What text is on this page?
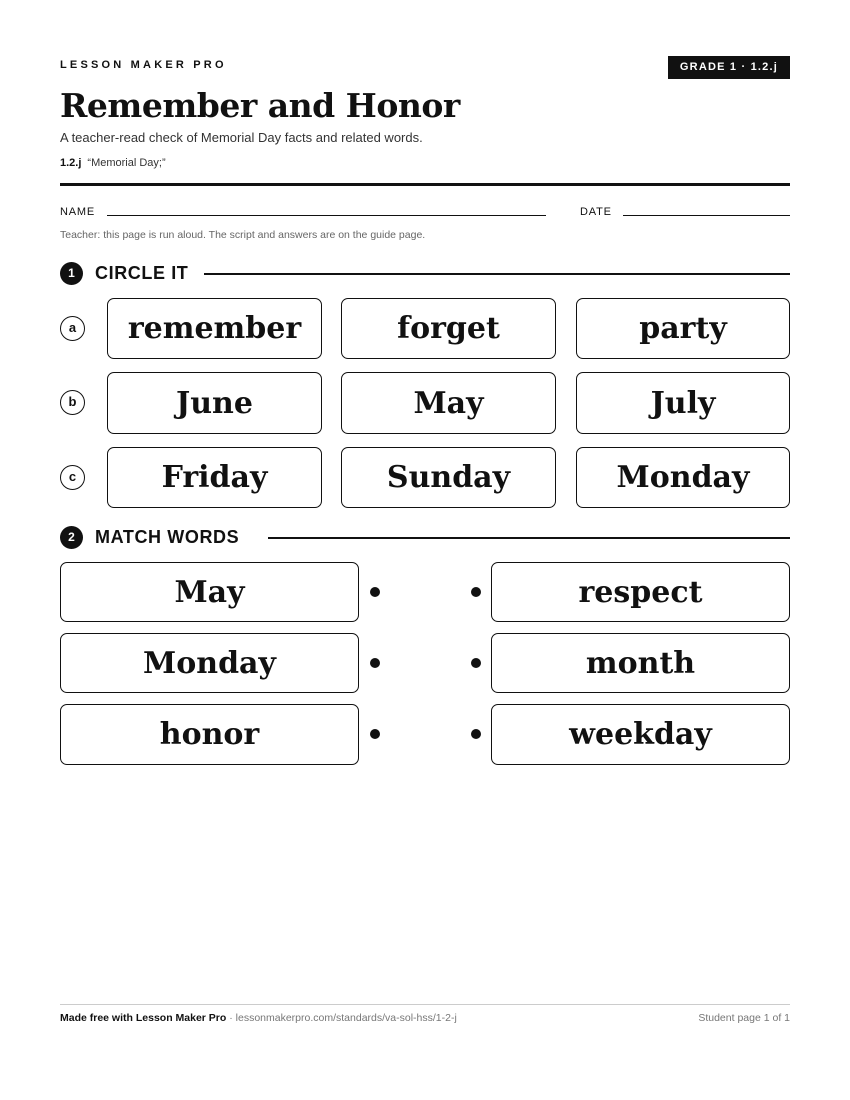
LESSON MAKER PRO	GRADE 1 · 1.2.j
Remember and Honor
A teacher-read check of Memorial Day facts and related words.
1.2.j “Memorial Day;”
NAME	DATE
Teacher: this page is run aloud. The script and answers are on the guide page.
1	CIRCLE IT
a	remember	forget	party
b	June	May	July
c	Friday	Sunday	Monday
2	MATCH WORDS
May	respect
Monday	month
honor	weekday
Made free with Lesson Maker Pro · lessonmakerpro.com/standards/va-sol-hss/1-2-j	Student page 1 of 1
